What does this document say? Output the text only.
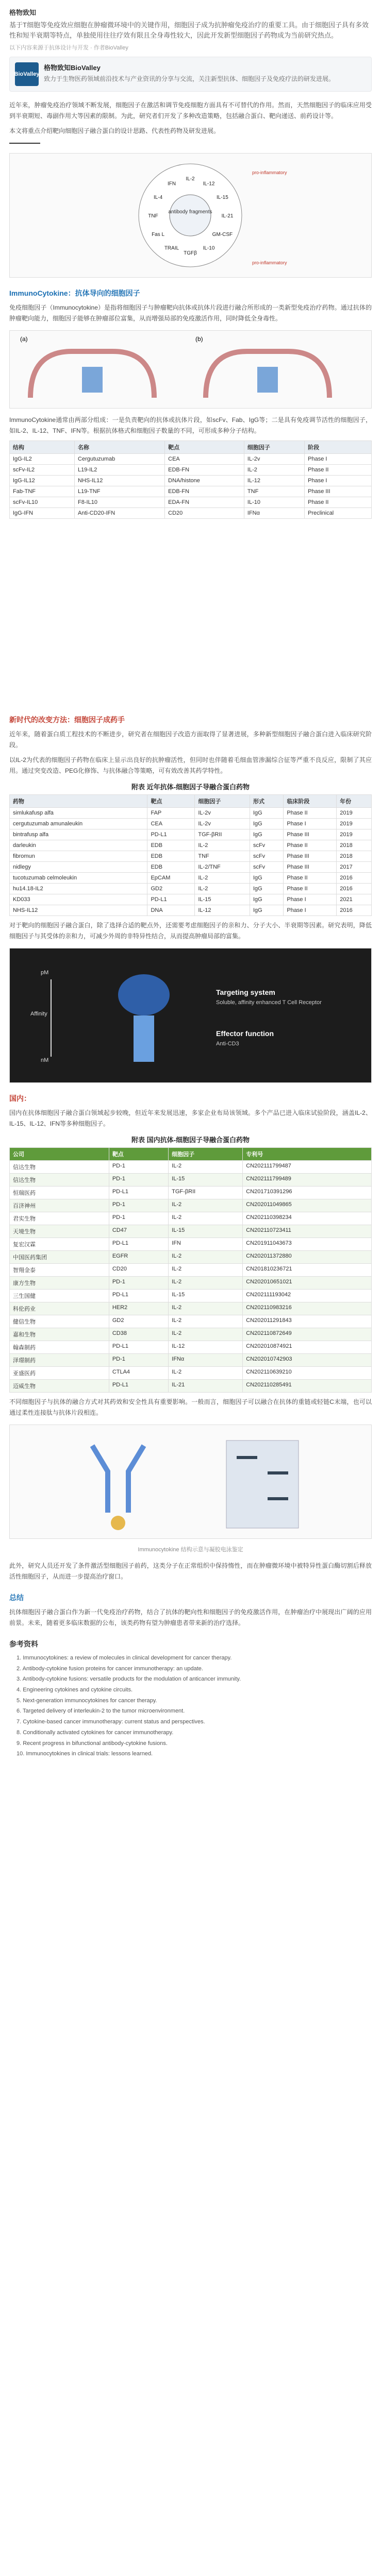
格物致知

基于T细胞等免疫效应细胞在肿瘤微环境中的关键作用，细胞因子成为抗肿瘤免疫治疗的重要工具。由于细胞因子具有多效性和短半衰期等特点，单独使用往往疗效有限且全身毒性较大，因此开发新型细胞因子药物成为当前研究热点。

以下内容来源于抗体设计与开发 · 作者BioValley
BioValley
格物致知BioValley
致力于生物医药领域前沿技术与产业资讯的分享与交流，关注新型抗体、细胞因子及免疫疗法的研发进展。

近年来，肿瘤免疫治疗领域不断发展，细胞因子在激活和调节免疫细胞方面具有不可替代的作用。然而，天然细胞因子的临床应用受到半衰期短、毒副作用大等因素的限制。为此，研究者们开发了多种改造策略，包括融合蛋白、靶向递送、前药设计等。

本文将重点介绍靶向细胞因子融合蛋白的设计思路、代表性药物及研发进展。

antibody fragments
pro-inflammatory
pro-inflammatory
IL-2
IL-12
IL-15
IL-21
GM-CSF
IL-10
TGFβ
TRAIL
Fas L
TNF
IL-4
IFN
ImmunoCytokine：抗体导向的细胞因子

免疫细胞因子（Immunocytokine）是指将细胞因子与肿瘤靶向抗体或抗体片段进行融合所形成的一类新型免疫治疗药物。通过抗体的肿瘤靶向能力，细胞因子能够在肿瘤部位富集，从而增强局部的免疫激活作用，同时降低全身毒性。

(a)	(b)

ImmunoCytokine通常由两部分组成：一是负责靶向的抗体或抗体片段，如scFv、Fab、IgG等；二是具有免疫调节活性的细胞因子，如IL-2、IL-12、TNF、IFN等。根据抗体格式和细胞因子数量的不同，可形成多种分子结构。

结构	名称	靶点	细胞因子	阶段
IgG-IL2	Cergutuzumab	CEA	IL-2v	Phase I
scFv-IL2	L19-IL2	EDB-FN	IL-2	Phase II
IgG-IL12	NHS-IL12	DNA/histone	IL-12	Phase I
Fab-TNF	L19-TNF	EDB-FN	TNF	Phase III
scFv-IL10	F8-IL10	EDA-FN	IL-10	Phase II
IgG-IFN	Anti-CD20-IFN	CD20	IFNα	Preclinical
新时代的改变方法：细胞因子成药手

近年来，随着蛋白质工程技术的不断进步，研究者在细胞因子改造方面取得了显著进展，多种新型细胞因子融合蛋白进入临床研究阶段。

以IL-2为代表的细胞因子药物在临床上显示出良好的抗肿瘤活性，但同时也伴随着毛细血管渗漏综合征等严重不良反应，限制了其应用。通过突变改造、PEG化修饰、与抗体融合等策略，可有效改善其药学特性。

附表 近年抗体-细胞因子导融合蛋白药物
药物	靶点	细胞因子	形式	临床阶段	年份
simlukafusp alfa	FAP	IL-2v	IgG	Phase II	2019
cergutuzumab amunaleukin	CEA	IL-2v	IgG	Phase I	2019
bintrafusp alfa	PD-L1	TGF-βRII	IgG	Phase III	2019
darleukin	EDB	IL-2	scFv	Phase II	2018
fibromun	EDB	TNF	scFv	Phase III	2018
nidlegy	EDB	IL-2/TNF	scFv	Phase III	2017
tucotuzumab celmoleukin	EpCAM	IL-2	IgG	Phase II	2016
hu14.18-IL2	GD2	IL-2	IgG	Phase II	2016
KD033	PD-L1	IL-15	IgG	Phase I	2021
NHS-IL12	DNA	IL-12	IgG	Phase I	2016

对于靶向的细胞因子融合蛋白，除了选择合适的靶点外，还需要考虑细胞因子的亲和力、分子大小、半衰期等因素。研究表明，降低细胞因子与其受体的亲和力，可减少外周的非特异性结合，从而提高肿瘤局部的富集。

pM
Affinity
nM
Targeting system
Soluble, affinity enhanced T Cell Receptor
Effector function
Anti-CD3
国内：

国内在抗体细胞因子融合蛋白领域起步较晚，但近年来发展迅速，多家企业布局该领域。多个产品已进入临床试验阶段，涵盖IL-2、IL-15、IL-12、IFN等多种细胞因子。

附表 国内抗体-细胞因子导融合蛋白药物
公司	靶点	细胞因子	专利号
信达生物	PD-1	IL-2	CN202111799487
信达生物	PD-1	IL-15	CN202111799489
恒瑞医药	PD-L1	TGF-βRII	CN201710391296
百济神州	PD-1	IL-2	CN202011049865
君实生物	PD-1	IL-2	CN202110398234
天境生物	CD47	IL-15	CN202110723411
复宏汉霖	PD-L1	IFN	CN201911043673
中国医药集团	EGFR	IL-2	CN202011372880
智翔金泰	CD20	IL-2	CN201810236721
康方生物	PD-1	IL-2	CN202010651021
三生国健	PD-L1	IL-15	CN202111193042
科伦药业	HER2	IL-2	CN202110983216
健信生物	GD2	IL-2	CN202011291843
嘉和生物	CD38	IL-2	CN202110872649
翰森制药	PD-L1	IL-12	CN202010874921
泽璟制药	PD-1	IFNα	CN202010742903
亚盛医药	CTLA4	IL-2	CN202110639210
迈威生物	PD-L1	IL-21	CN202110285491

不同细胞因子与抗体的融合方式对其药效和安全性具有重要影响。一般而言，细胞因子可以融合在抗体的重链或轻链C末端，也可以通过柔性连接肽与抗体片段相连。

Immunocytokine 结构示意与凝胶电泳鉴定

此外，研究人员还开发了条件激活型细胞因子前药，这类分子在正常组织中保持惰性，而在肿瘤微环境中被特异性蛋白酶切割后释放活性细胞因子，从而进一步提高治疗窗口。

总结

抗体细胞因子融合蛋白作为新一代免疫治疗药物，结合了抗体的靶向性和细胞因子的免疫激活作用，在肿瘤治疗中展现出广阔的应用前景。未来，随着更多临床数据的公布，该类药物有望为肿瘤患者带来新的治疗选择。

参考资料
1. Immunocytokines: a review of molecules in clinical development for cancer therapy.
2. Antibody-cytokine fusion proteins for cancer immunotherapy: an update.
3. Antibody-cytokine fusions: versatile products for the modulation of anticancer immunity.
4. Engineering cytokines and cytokine circuits.
5. Next-generation immunocytokines for cancer therapy.
6. Targeted delivery of interleukin-2 to the tumor microenvironment.
7. Cytokine-based cancer immunotherapy: current status and perspectives.
8. Conditionally activated cytokines for cancer immunotherapy.
9. Recent progress in bifunctional antibody-cytokine fusions.
10. Immunocytokines in clinical trials: lessons learned.
